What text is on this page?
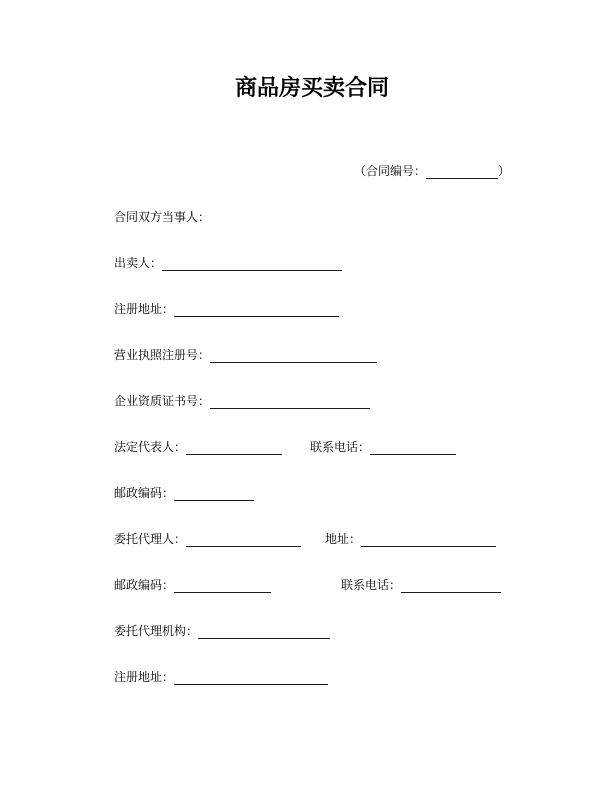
商品房买卖合同
（合同编号：	）
合同双方当事人：
出卖人：
注册地址：
营业执照注册号：
企业资质证书号：
法定代表人：	联系电话：
邮政编码：
委托代理人：	地址：
邮政编码：	联系电话：
委托代理机构：
注册地址：
